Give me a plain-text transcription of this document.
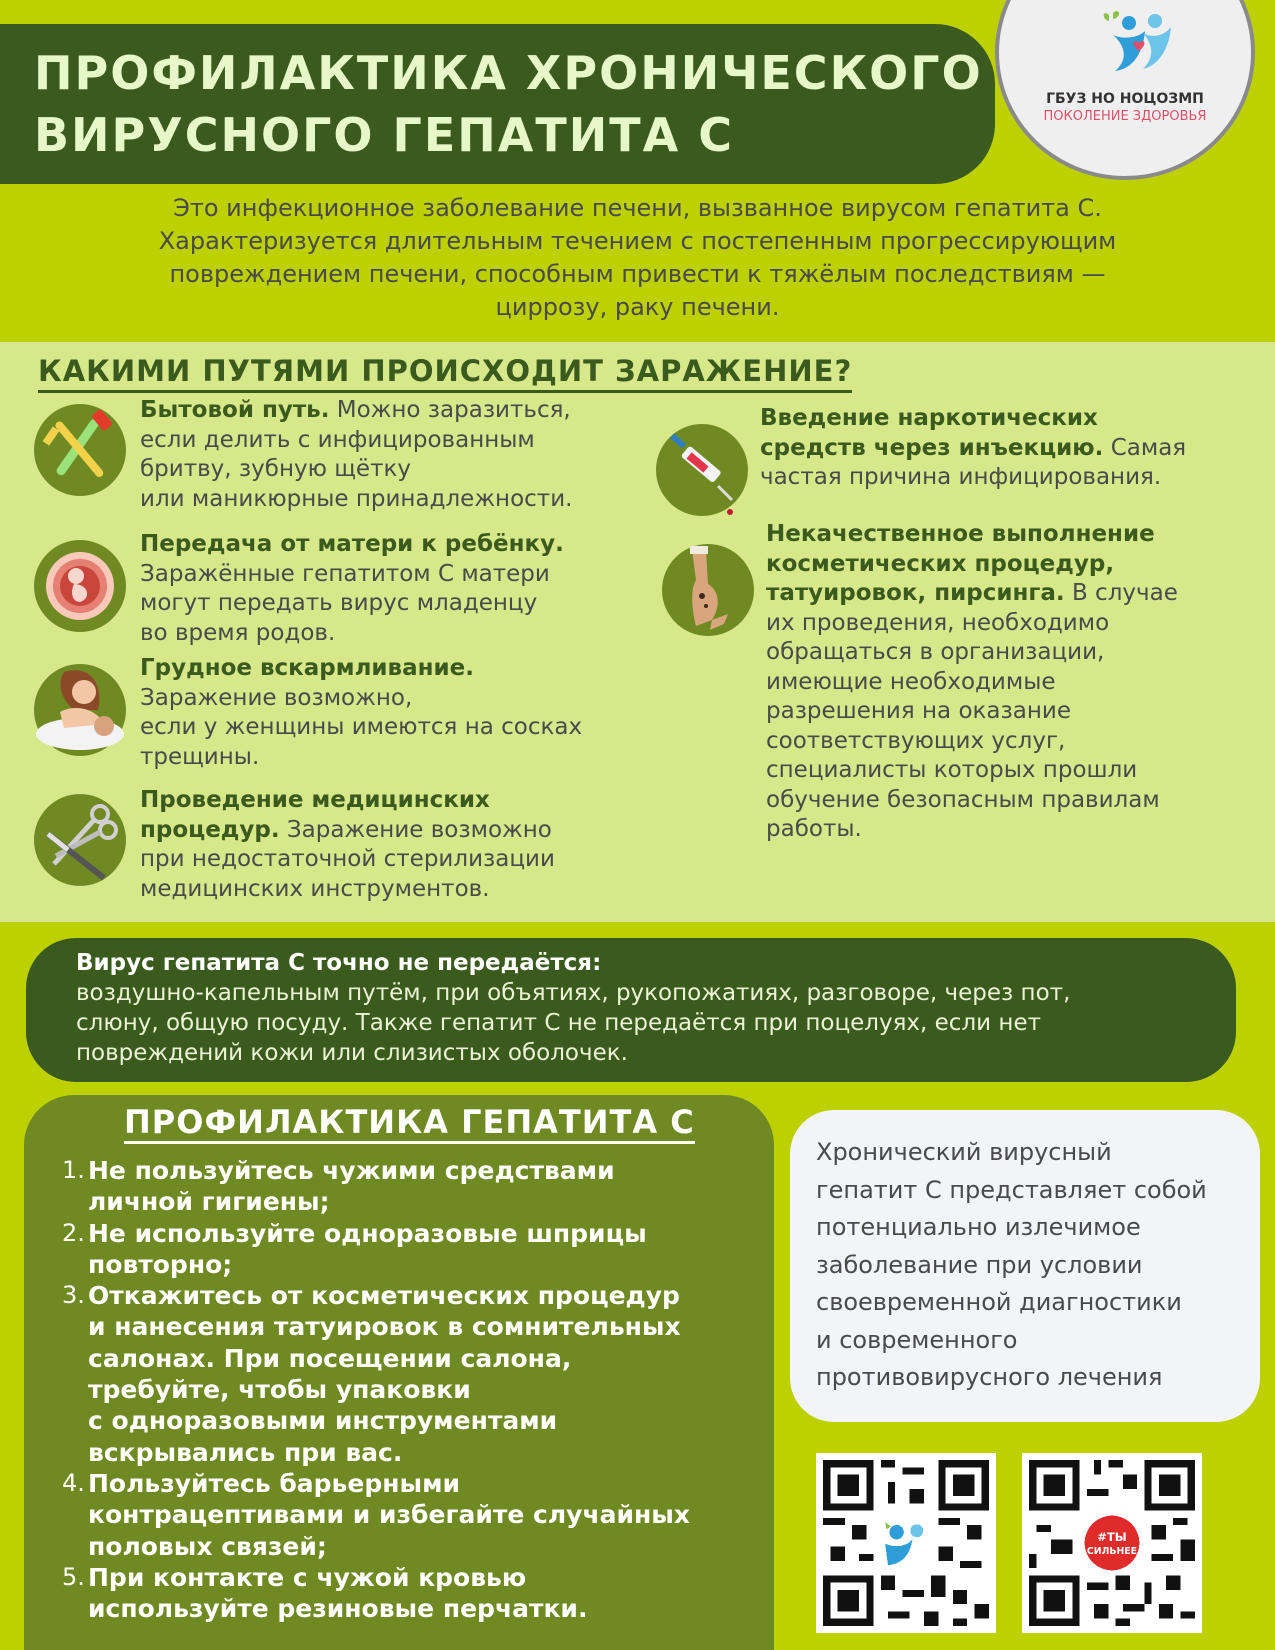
ПРОФИЛАКТИКА ХРОНИЧЕСКОГО
ВИРУСНОГО ГЕПАТИТА С
ГБУЗ НО НОЦОЗМП
ПОКОЛЕНИЕ ЗДОРОВЬЯ
Это инфекционное заболевание печени, вызванное вирусом гепатита С.
Характеризуется длительным течением с постепенным прогрессирующим
повреждением печени, способным привести к тяжёлым последствиям —
циррозу, раку печени.
КАКИМИ ПУТЯМИ ПРОИСХОДИТ ЗАРАЖЕНИЕ?
Бытовой путь. Можно заразиться,
если делить с инфицированным
бритву, зубную щётку
или маникюрные принадлежности.
Передача от матери к ребёнку.
Заражённые гепатитом С матери
могут передать вирус младенцу
во время родов.
Грудное вскармливание.
Заражение возможно,
если у женщины имеются на сосках
трещины.
Проведение медицинских
процедур. Заражение возможно
при недостаточной стерилизации
медицинских инструментов.
Введение наркотических
средств через инъекцию. Самая
частая причина инфицирования.
Некачественное выполнение
косметических процедур,
татуировок, пирсинга. В случае
их проведения, необходимо
обращаться в организации,
имеющие необходимые
разрешения на оказание
соответствующих услуг,
специалисты которых прошли
обучение безопасным правилам
работы.
Вирус гепатита С точно не передаётся:
воздушно-капельным путём, при объятиях, рукопожатиях, разговоре, через пот,
слюну, общую посуду. Также гепатит С не передаётся при поцелуях, если нет
повреждений кожи или слизистых оболочек.
ПРОФИЛАКТИКА ГЕПАТИТА С
1. Не пользуйтесь чужими средствами
личной гигиены;
2. Не используйте одноразовые шприцы
повторно;
3. Откажитесь от косметических процедур
и нанесения татуировок в сомнительных
салонах. При посещении салона,
требуйте, чтобы упаковки
с одноразовыми инструментами
вскрывались при вас.
4. Пользуйтесь барьерными
контрацептивами и избегайте случайных
половых связей;
5. При контакте с чужой кровью
используйте резиновые перчатки.
Хронический вирусный
гепатит С представляет собой
потенциально излечимое
заболевание при условии
своевременной диагностики
и современного
противовирусного лечения
#ТЫ
СИЛЬНЕЕ
